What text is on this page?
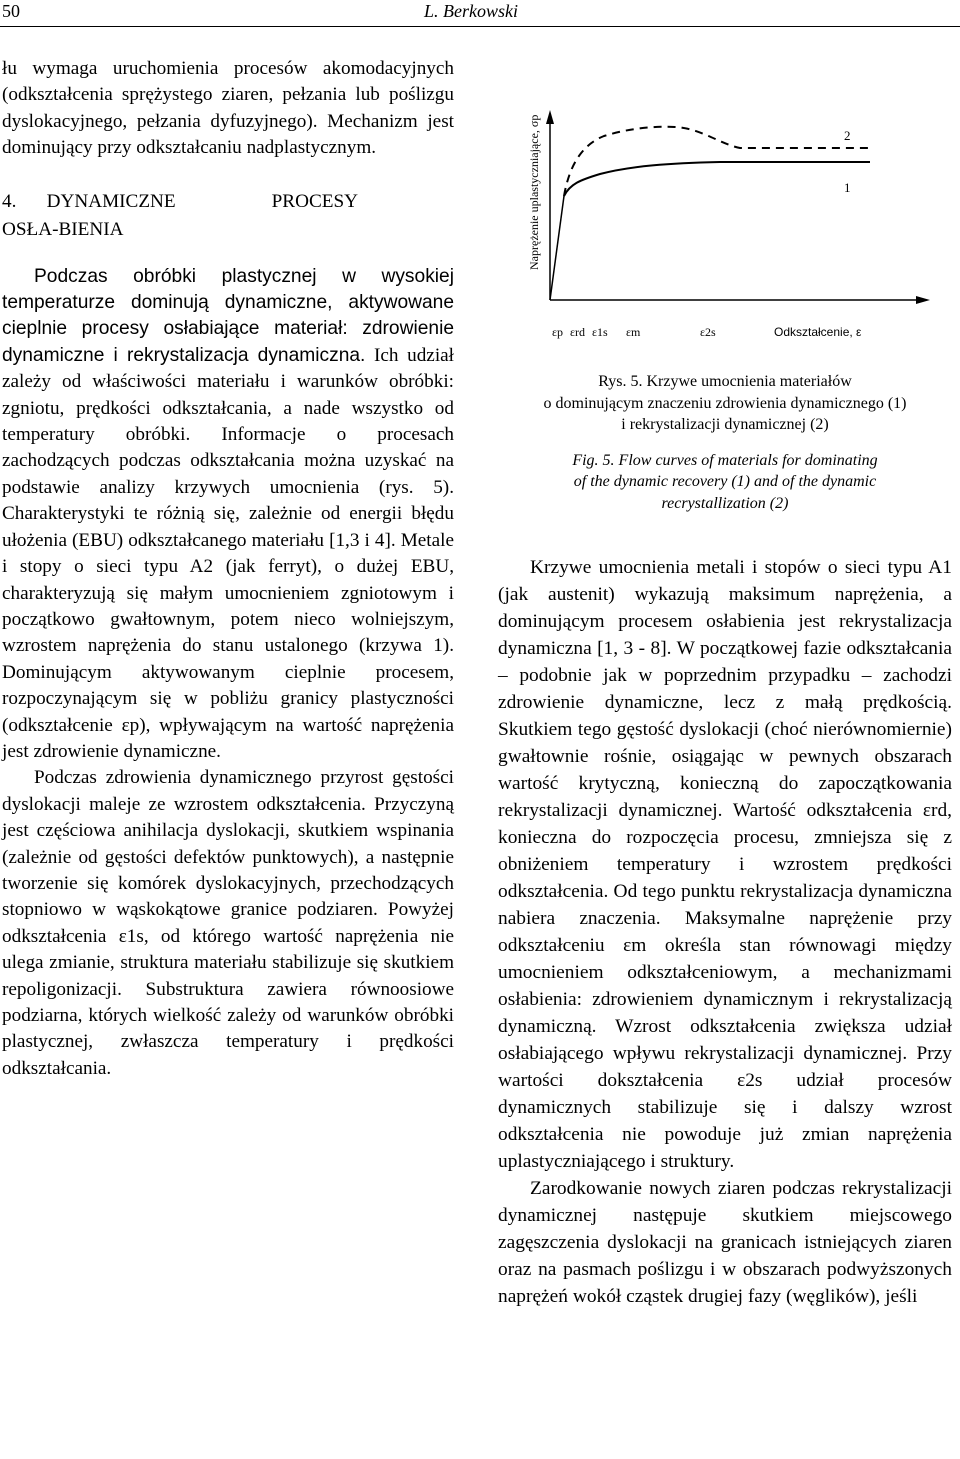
50	L. Berkowski

łu wymaga uruchomienia procesów akomodacyjnych (odkształcenia sprężystego ziaren, pełzania lub poślizgu dyslokacyjnego, pełzania dyfuzyjnego). Mechanizm jest dominujący przy odkształcaniu nadplastycznym.

4. DYNAMICZNE	PROCESYOSŁA-BIENIA

Podczas obróbki plastycznej w wysokiej temperaturze dominują dynamiczne, aktywowane cieplnie procesy osłabiające materiał: zdrowienie dynamiczne i rekrystalizacja dynamiczna. Ich udział zależy od właściwości materiału i warunków obróbki: zgniotu, prędkości odkształcania, a nade wszystko od temperatury obróbki. Informacje o procesach zachodzących podczas odkształcania można uzyskać na podstawie analizy krzywych umocnienia (rys. 5). Charakterystyki te różnią się, zależnie od energii błędu ułożenia (EBU) odkształcanego materiału [1,3 i 4]. Metale i stopy o sieci typu A2 (jak ferryt), o dużej EBU, charakteryzują się małym umocnieniem zgniotowym i początkowo gwałtownym, potem nieco wolniejszym, wzrostem naprężenia do stanu ustalonego (krzywa 1). Dominującym aktywowanym cieplnie procesem, rozpoczynającym się w pobliżu granicy plastyczności (odkształcenie εp), wpływającym na wartość naprężenia jest zdrowienie dynamiczne.

Podczas zdrowienia dynamicznego przyrost gęstości dyslokacji maleje ze wzrostem odkształcenia. Przyczyną jest częściowa anihilacja dyslokacji, skutkiem wspinania (zależnie od gęstości defektów punktowych), a następnie tworzenie się komórek dyslokacyjnych, przechodzących stopniowo w wąskokątowe granice podziaren. Powyżej odkształcenia ε1s, od którego wartość naprężenia nie ulega zmianie, struktura materiału stabilizuje się skutkiem repoligonizacji. Substruktura zawiera równoosiowe podziarna, których wielkość zależy od warunków obróbki plastycznej, zwłaszcza temperatury i prędkości odkształcania.

2
1
Naprężenie uplastyczniające, σp
εp εrd ε1s εm	ε2s	Odkształcenie, ε

Rys. 5. Krzywe umocnienia materiałów

o dominującym znaczeniu zdrowienia dynamicznego (1)

i rekrystalizacji dynamicznej (2)

Fig. 5. Flow curves of materials for dominating

of the dynamic recovery (1) and of the dynamic

recrystallization (2)

Krzywe umocnienia metali i stopów o sieci typu A1 (jak austenit) wykazują maksimum naprężenia, a dominującym procesem osłabienia jest rekrystalizacja dynamiczna [1, 3 - 8]. W początkowej fazie odkształcania – podobnie jak w poprzednim przypadku – zachodzi zdrowienie dynamiczne, lecz z małą prędkością. Skutkiem tego gęstość dyslokacji (choć nierównomiernie) gwałtownie rośnie, osiągając w pewnych obszarach wartość krytyczną, konieczną do zapoczątkowania rekrystalizacji dynamicznej. Wartość odkształcenia εrd, konieczna do rozpoczęcia procesu, zmniejsza się z obniżeniem temperatury i wzrostem prędkości odkształcenia. Od tego punktu rekrystalizacja dynamiczna nabiera znaczenia. Maksymalne naprężenie przy odkształceniu εm określa stan równowagi między umocnieniem odkształceniowym, a mechanizmami osłabienia: zdrowieniem dynamicznym i rekrystalizacją dynamiczną. Wzrost odkształcenia zwiększa udział osłabiającego wpływu rekrystalizacji dynamicznej. Przy wartości dokształcenia ε2s udział procesów dynamicznych stabilizuje się i dalszy wzrost odkształcenia nie powoduje już zmian naprężenia uplastyczniającego i struktury.

Zarodkowanie nowych ziaren podczas rekrystalizacji dynamicznej następuje skutkiem miejscowego zagęszczenia dyslokacji na granicach istniejących ziaren oraz na pasmach poślizgu i w obszarach podwyższonych naprężeń wokół cząstek drugiej fazy (węglików), jeśli
